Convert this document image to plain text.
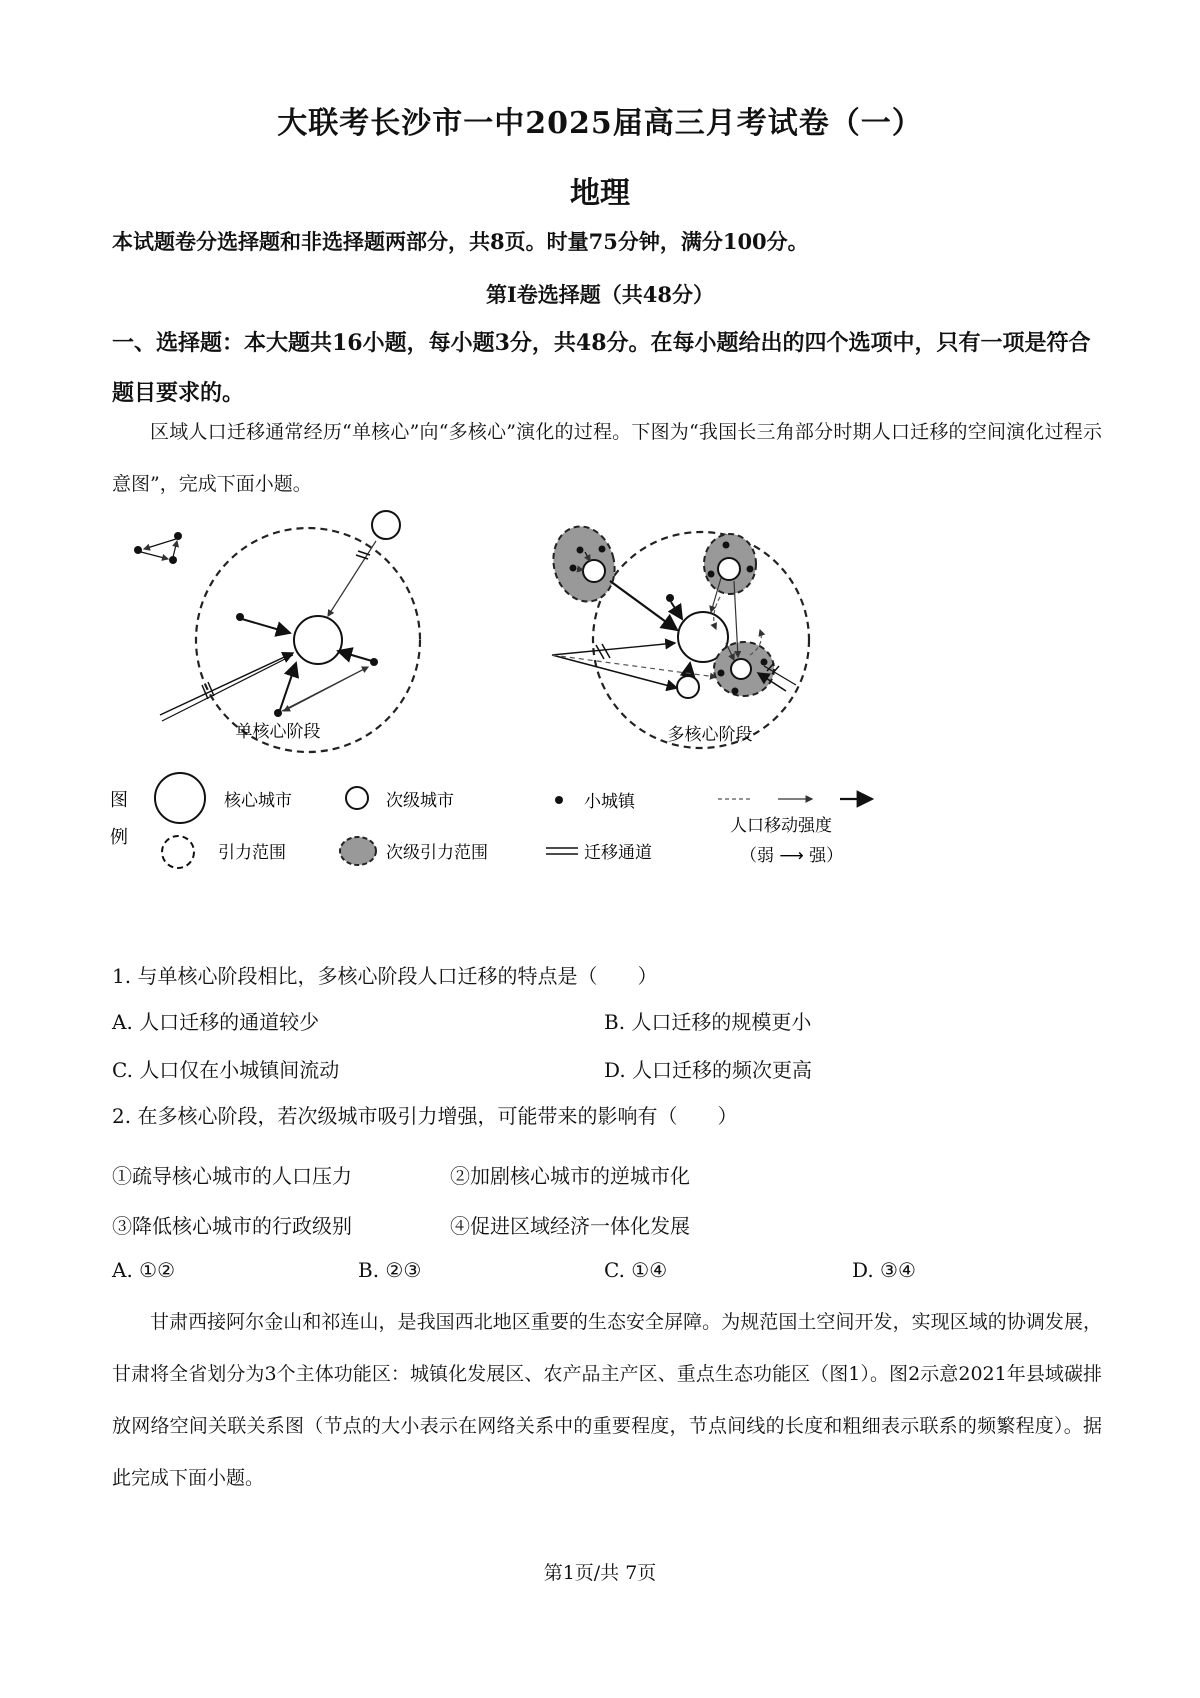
大联考长沙市一中2025届高三月考试卷（一）
地理
本试题卷分选择题和非选择题两部分，共8页。时量75分钟，满分100分。
第Ⅰ卷选择题（共48分）
一、选择题：本大题共16小题，每小题3分，共48分。在每小题给出的四个选项中，只有一项是符合题目要求的。
区域人口迁移通常经历“单核心”向“多核心”演化的过程。下图为“我国长三角部分时期人口迁移的空间演化过程示意图”，完成下面小题。
单核心阶段	多核心阶段
图
例
核心城市	次级城市	小城镇
人口移动强度
（弱 ⟶ 强）
引力范围	次级引力范围	迁移通道
1. 与单核心阶段相比，多核心阶段人口迁移的特点是（　　）
A. 人口迁移的通道较少	B. 人口迁移的规模更小
C. 人口仅在小城镇间流动	D. 人口迁移的频次更高
2. 在多核心阶段，若次级城市吸引力增强，可能带来的影响有（　　）
①疏导核心城市的人口压力	②加剧核心城市的逆城市化
③降低核心城市的行政级别	④促进区域经济一体化发展
A. ①②	B. ②③	C. ①④	D. ③④
甘肃西接阿尔金山和祁连山，是我国西北地区重要的生态安全屏障。为规范国土空间开发，实现区域的协调发展，甘肃将全省划分为3个主体功能区：城镇化发展区、农产品主产区、重点生态功能区（图1）。图2示意2021年县域碳排放网络空间关联关系图（节点的大小表示在网络关系中的重要程度，节点间线的长度和粗细表示联系的频繁程度）。据此完成下面小题。
第1页/共 7页
